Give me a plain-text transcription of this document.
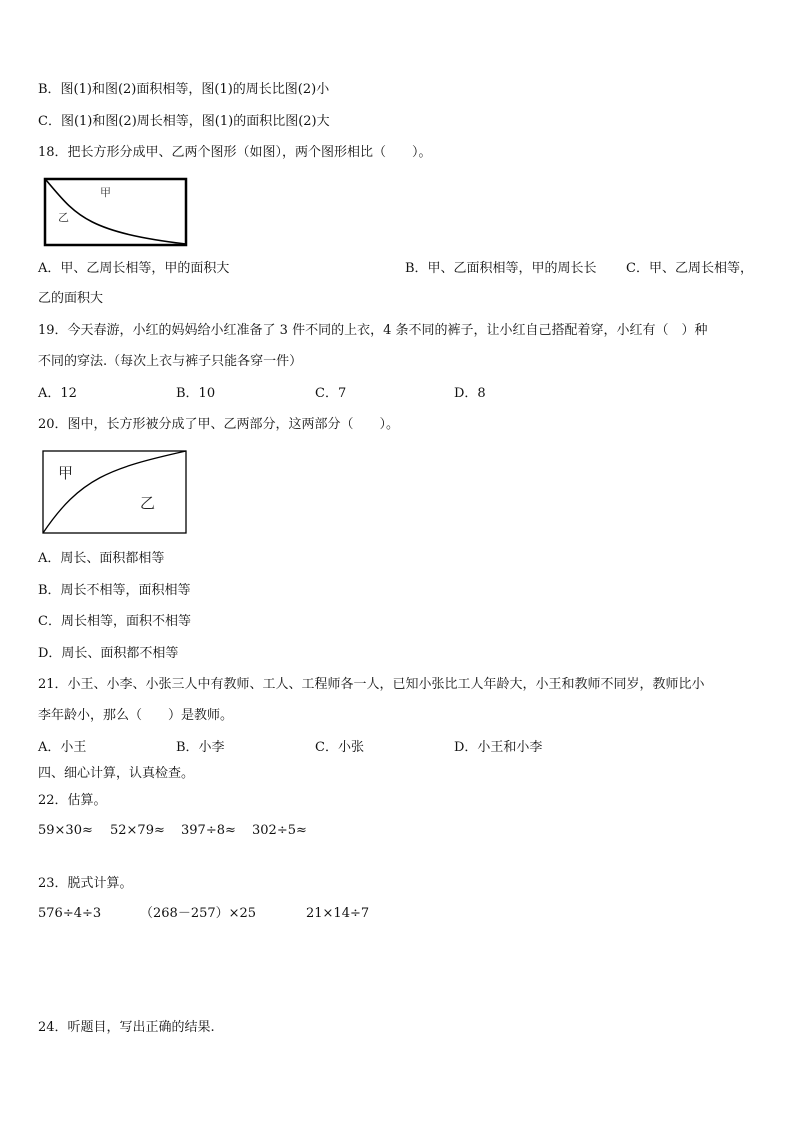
B．图(1)和图(2)面积相等，图(1)的周长比图(2)小
C．图(1)和图(2)周长相等，图(1)的面积比图(2)大
18．把长方形分成甲、乙两个图形（如图），两个图形相比（　　）。
甲
乙
A．甲、乙周长相等，甲的面积大	B．甲、乙面积相等，甲的周长长 C．甲、乙周长相等，
乙的面积大
19．今天春游，小红的妈妈给小红准备了 3 件不同的上衣，4 条不同的裤子，让小红自己搭配着穿，小红有（　）种
不同的穿法.（每次上衣与裤子只能各穿一件）
A．12	B．10	C．7	D．8
20．图中，长方形被分成了甲、乙两部分，这两部分（　　）。
甲
乙
A．周长、面积都相等
B．周长不相等，面积相等
C．周长相等，面积不相等
D．周长、面积都不相等
21．小王、小李、小张三人中有教师、工人、工程师各一人，已知小张比工人年龄大，小王和教师不同岁，教师比小
李年龄小，那么（　　）是教师。
A．小王	B．小李	C．小张	D．小王和小李
四、细心计算，认真检查。
22．估算。
59×30≈ 52×79≈ 397÷8≈ 302÷5≈
23．脱式计算。
576÷4÷3	（268－257）×25	21×14÷7
24．听题目，写出正确的结果.
